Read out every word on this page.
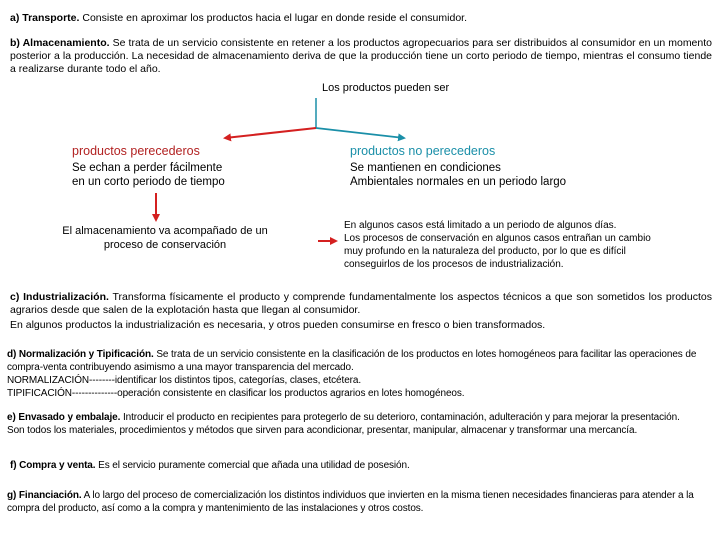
a) Transporte. Consiste en aproximar los productos hacia el lugar en donde reside el consumidor.
b) Almacenamiento. Se trata de un servicio consistente en retener a los productos agropecuarios para ser distribuidos al consumidor en un momento posterior a la producción. La necesidad de almacenamiento deriva de que la producción tiene un corto periodo de tiempo, mientras el consumo tiende a realizarse durante todo el año.
Los productos pueden ser
productos perecederos
Se echan a perder fácilmente
en un corto periodo de tiempo
productos no perecederos
Se mantienen en condiciones
Ambientales normales en un periodo largo
El almacenamiento va acompañado de un
proceso de conservación
En algunos casos está limitado a un periodo de algunos días.
Los procesos de conservación en algunos casos entrañan un cambio
muy profundo en la naturaleza del producto, por lo que es difícil
conseguirlos de los procesos de industrialización.
c) Industrialización. Transforma físicamente el producto y comprende fundamentalmente los aspectos técnicos a que son sometidos los productos agrarios desde que salen de la explotación hasta que llegan al consumidor.
En algunos productos la industrialización es necesaria, y otros pueden consumirse en fresco o bien transformados.
d) Normalización y Tipificación. Se trata de un servicio consistente en la clasificación de los productos en lotes homogéneos para facilitar las operaciones de compra-venta contribuyendo asimismo a una mayor transparencia del mercado.
NORMALIZACIÓN--------identificar los distintos tipos, categorías, clases, etcétera.
TIPIFICACIÓN--------------operación consistente en clasificar los productos agrarios en lotes homogéneos.
e) Envasado y embalaje. Introducir el producto en recipientes para protegerlo de su deterioro, contaminación, adulteración y para mejorar la presentación. Son todos los materiales, procedimientos y métodos que sirven para acondicionar, presentar, manipular, almacenar y transformar una mercancía.
f) Compra y venta. Es el servicio puramente comercial que añada una utilidad de posesión.
g) Financiación. A lo largo del proceso de comercialización los distintos individuos que invierten en la misma tienen necesidades financieras para atender a la compra del producto, así como a la compra y mantenimiento de las instalaciones y otros costos.
